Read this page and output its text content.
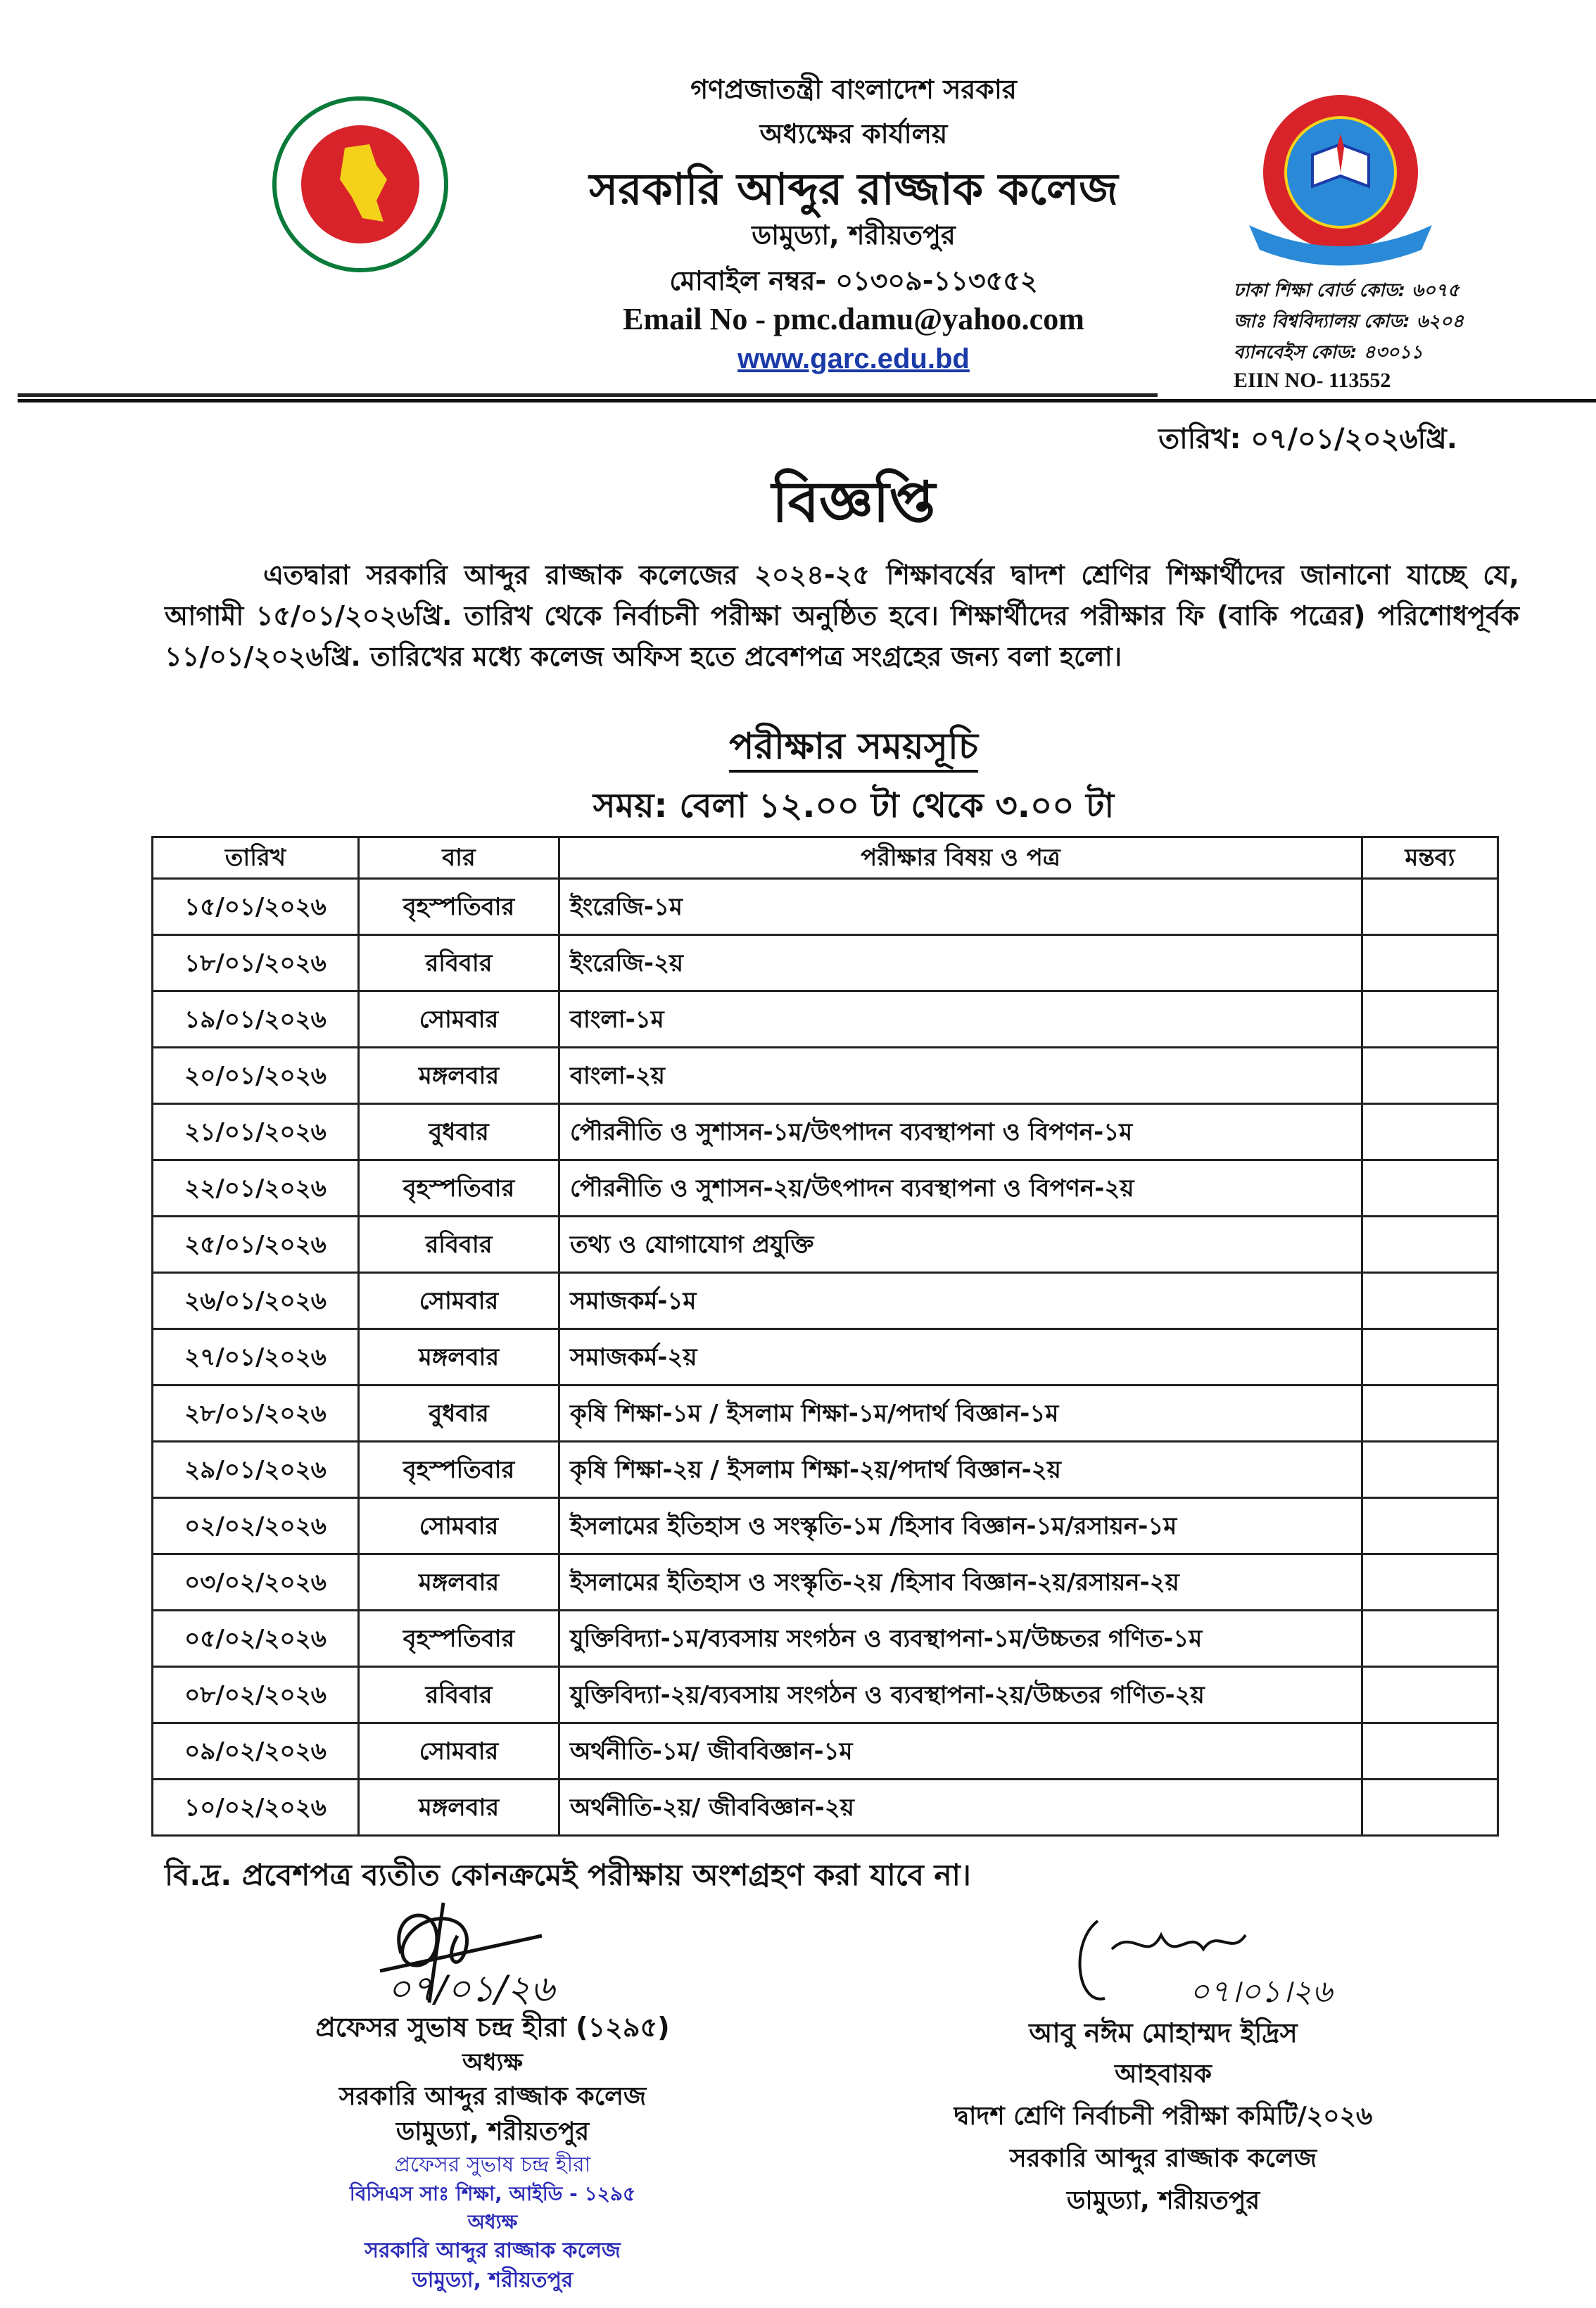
গণপ্রজাতন্ত্রী বাংলাদেশ সরকার
অধ্যক্ষের কার্যালয়
সরকারি আব্দুর রাজ্জাক কলেজ
ডামুড্যা, শরীয়তপুর
মোবাইল নম্বর- ০১৩০৯-১১৩৫৫২
Email No - pmc.damu@yahoo.com
www.garc.edu.bd
ঢাকা শিক্ষা বোর্ড কোড: ৬০৭৫
জাঃ বিশ্ববিদ্যালয় কোড: ৬২০৪
ব্যানবেইস কোড: ৪৩০১১
EIIN NO- 113552
তারিখ: ০৭/০১/২০২৬খ্রি.
বিজ্ঞপ্তি
এতদ্বারা সরকারি আব্দুর রাজ্জাক কলেজের ২০২৪-২৫ শিক্ষাবর্ষের দ্বাদশ শ্রেণির শিক্ষার্থীদের জানানো যাচ্ছে যে, আগামী ১৫/০১/২০২৬খ্রি. তারিখ থেকে নির্বাচনী পরীক্ষা অনুষ্ঠিত হবে। শিক্ষার্থীদের পরীক্ষার ফি (বাকি পত্রের) পরিশোধপূর্বক ১১/০১/২০২৬খ্রি. তারিখের মধ্যে কলেজ অফিস হতে প্রবেশপত্র সংগ্রহের জন্য বলা হলো।
পরীক্ষার সময়সূচি
সময়: বেলা ১২.০০ টা থেকে ৩.০০ টা
তারিখ	বার	পরীক্ষার বিষয় ও পত্র	মন্তব্য
১৫/০১/২০২৬	বৃহস্পতিবার	ইংরেজি-১ম	
১৮/০১/২০২৬	রবিবার	ইংরেজি-২য়	
১৯/০১/২০২৬	সোমবার	বাংলা-১ম	
২০/০১/২০২৬	মঙ্গলবার	বাংলা-২য়	
২১/০১/২০২৬	বুধবার	পৌরনীতি ও সুশাসন-১ম/উৎপাদন ব্যবস্থাপনা ও বিপণন-১ম	
২২/০১/২০২৬	বৃহস্পতিবার	পৌরনীতি ও সুশাসন-২য়/উৎপাদন ব্যবস্থাপনা ও বিপণন-২য়	
২৫/০১/২০২৬	রবিবার	তথ্য ও যোগাযোগ প্রযুক্তি	
২৬/০১/২০২৬	সোমবার	সমাজকর্ম-১ম	
২৭/০১/২০২৬	মঙ্গলবার	সমাজকর্ম-২য়	
২৮/০১/২০২৬	বুধবার	কৃষি শিক্ষা-১ম / ইসলাম শিক্ষা-১ম/পদার্থ বিজ্ঞান-১ম	
২৯/০১/২০২৬	বৃহস্পতিবার	কৃষি শিক্ষা-২য় / ইসলাম শিক্ষা-২য়/পদার্থ বিজ্ঞান-২য়	
০২/০২/২০২৬	সোমবার	ইসলামের ইতিহাস ও সংস্কৃতি-১ম /হিসাব বিজ্ঞান-১ম/রসায়ন-১ম	
০৩/০২/২০২৬	মঙ্গলবার	ইসলামের ইতিহাস ও সংস্কৃতি-২য় /হিসাব বিজ্ঞান-২য়/রসায়ন-২য়	
০৫/০২/২০২৬	বৃহস্পতিবার	যুক্তিবিদ্যা-১ম/ব্যবসায় সংগঠন ও ব্যবস্থাপনা-১ম/উচ্চতর গণিত-১ম	
০৮/০২/২০২৬	রবিবার	যুক্তিবিদ্যা-২য়/ব্যবসায় সংগঠন ও ব্যবস্থাপনা-২য়/উচ্চতর গণিত-২য়	
০৯/০২/২০২৬	সোমবার	অর্থনীতি-১ম/ জীববিজ্ঞান-১ম	
১০/০২/২০২৬	মঙ্গলবার	অর্থনীতি-২য়/ জীববিজ্ঞান-২য়	
বি.দ্র. প্রবেশপত্র ব্যতীত কোনক্রমেই পরীক্ষায় অংশগ্রহণ করা যাবে না।
০৭/০১/২৬
প্রফেসর সুভাষ চন্দ্র হীরা (১২৯৫)
অধ্যক্ষ
সরকারি আব্দুর রাজ্জাক কলেজ
ডামুড্যা, শরীয়তপুর
প্রফেসর সুভাষ চন্দ্র হীরা
বিসিএস সাঃ শিক্ষা, আইডি - ১২৯৫
অধ্যক্ষ
সরকারি আব্দুর রাজ্জাক কলেজ
ডামুড্যা, শরীয়তপুর
০৭।০১।২৬
আবু নঈম মোহাম্মদ ইদ্রিস
আহবায়ক
দ্বাদশ শ্রেণি নির্বাচনী পরীক্ষা কমিটি/২০২৬
সরকারি আব্দুর রাজ্জাক কলেজ
ডামুড্যা, শরীয়তপুর
